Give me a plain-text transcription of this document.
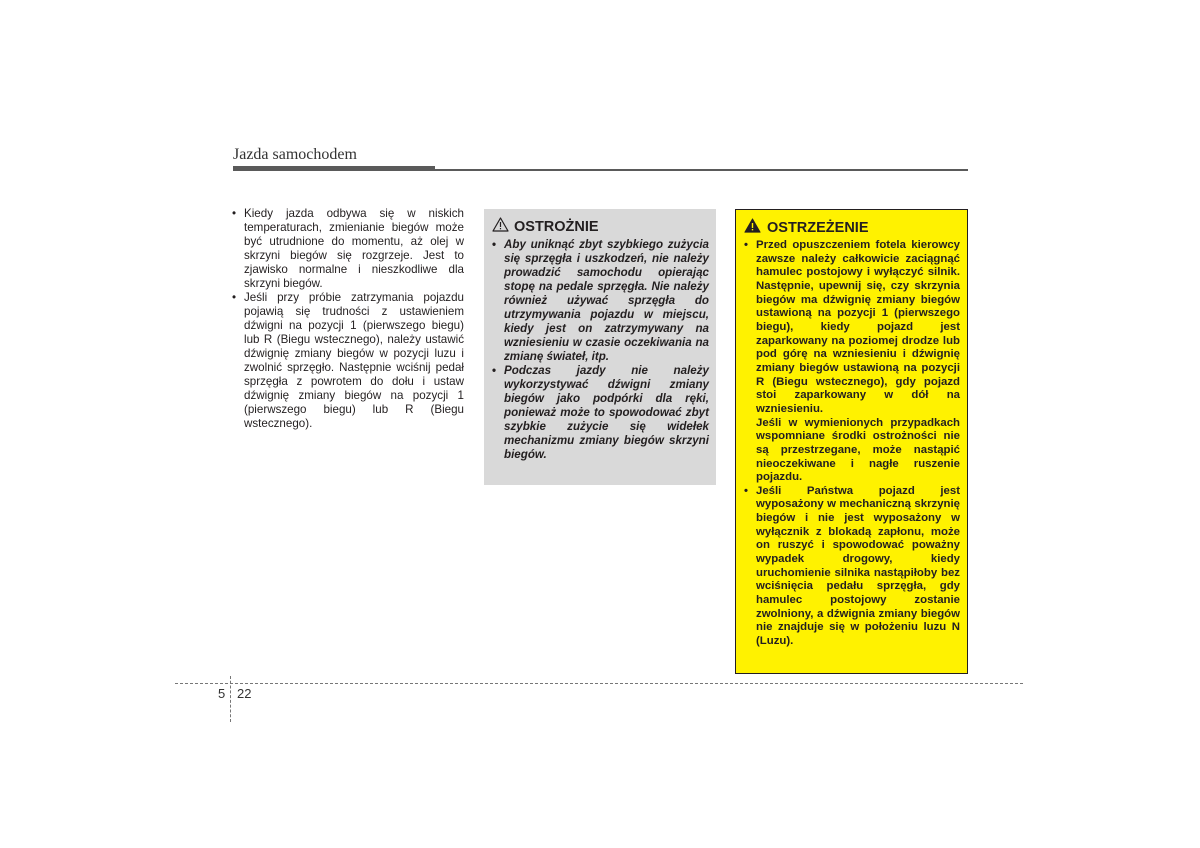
Jazda samochodem
• Kiedy jazda odbywa się w niskich temperaturach, zmienianie biegów może być utrudnione do momentu, aż olej w skrzyni biegów się rozgrzeje. Jest to zjawisko normalne i nieszkodliwe dla skrzyni biegów.
• Jeśli przy próbie zatrzymania pojazdu pojawią się trudności z ustawieniem dźwigni na pozycji 1 (pierwszego biegu) lub R (Biegu wstecznego), należy ustawić dźwignię zmiany biegów w pozycji luzu i zwolnić sprzęgło. Następnie wciśnij pedał sprzęgła z powrotem do dołu i ustaw dźwignię zmiany biegów na pozycji 1 (pierwszego biegu) lub R (Biegu wstecznego).
OSTROŻNIE
• Aby uniknąć zbyt szybkiego zużycia się sprzęgła i uszkodzeń, nie należy prowadzić samochodu opierając stopę na pedale sprzęgła. Nie należy również używać sprzęgła do utrzymywania pojazdu w miejscu, kiedy jest on zatrzymywany na wzniesieniu w czasie oczekiwania na zmianę świateł, itp.
• Podczas jazdy nie należy wykorzystywać dźwigni zmiany biegów jako podpórki dla ręki, ponieważ może to spowodować zbyt szybkie zużycie się widełek mechanizmu zmiany biegów skrzyni biegów.
OSTRZEŻENIE
• Przed opuszczeniem fotela kierowcy zawsze należy całkowicie zaciągnąć hamulec postojowy i wyłączyć silnik. Następnie, upewnij się, czy skrzynia biegów ma dźwignię zmiany biegów ustawioną na pozycji 1 (pierwszego biegu), kiedy pojazd jest zaparkowany na poziomej drodze lub pod górę na wzniesieniu i dźwignię zmiany biegów ustawioną na pozycji R (Biegu wstecznego), gdy pojazd stoi zaparkowany w dół na wzniesieniu.
Jeśli w wymienionych przypadkach wspomniane środki ostrożności nie są przestrzegane, może nastąpić nieoczekiwane i nagłe ruszenie pojazdu.
• Jeśli Państwa pojazd jest wyposażony w mechaniczną skrzynię biegów i nie jest wyposażony w wyłącznik z blokadą zapłonu, może on ruszyć i spowodować poważny wypadek drogowy, kiedy uruchomienie silnika nastąpiłoby bez wciśnięcia pedału sprzęgła, gdy hamulec postojowy zostanie zwolniony, a dźwignia zmiany biegów nie znajduje się w położeniu luzu N (Luzu).
5 22
